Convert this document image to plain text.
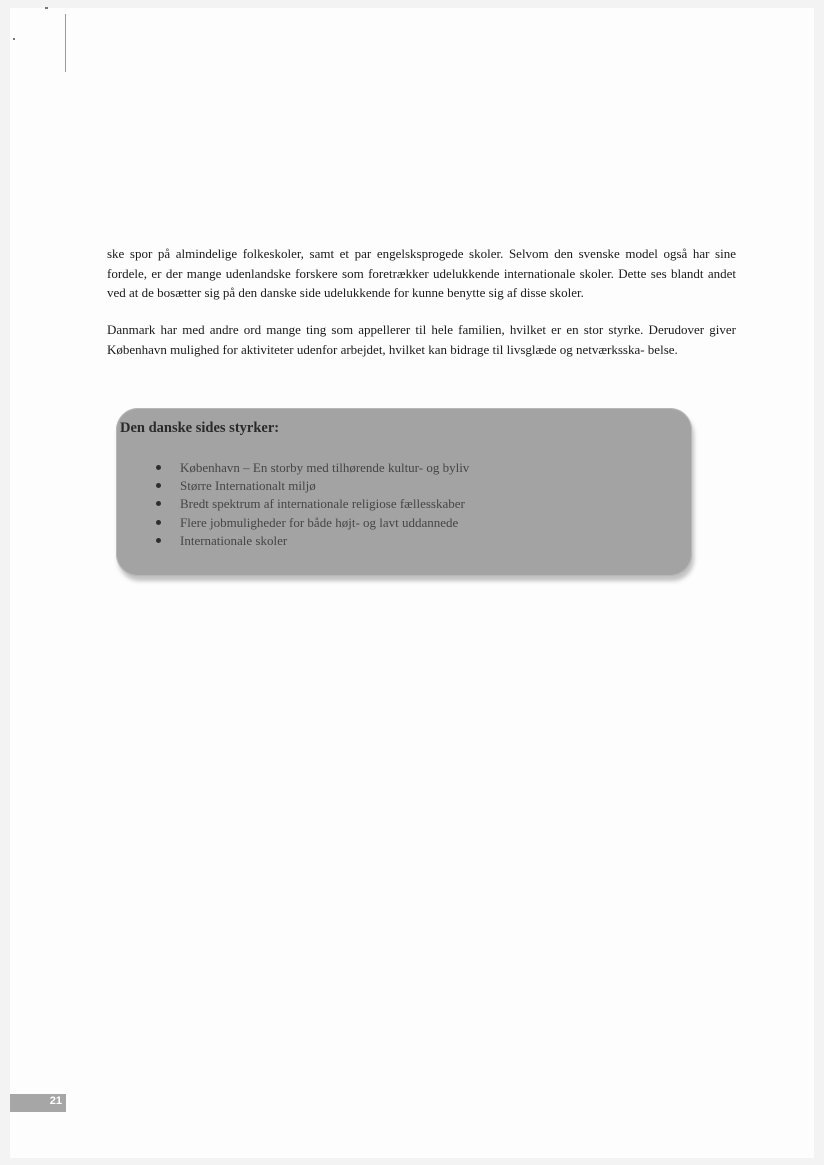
ske spor på almindelige folkeskoler, samt et par engelsksprogede skoler. Selvom den svenske model også har sine fordele, er der mange udenlandske forskere som foretrækker udelukkende internationale skoler. Dette ses blandt andet ved at de bosætter sig på den danske side udelukkende for kunne benytte sig af disse skoler.

Danmark har med andre ord mange ting som appellerer til hele familien, hvilket er en stor styrke. Derudover giver København mulighed for aktiviteter udenfor arbejdet, hvilket kan bidrage til livsglæde og netværksska- belse.

Den danske sides styrker:
København – En storby med tilhørende kultur- og byliv
Større Internationalt miljø
Bredt spektrum af internationale religiose fællesskaber
Flere jobmuligheder for både højt- og lavt uddannede
Internationale skoler
21
